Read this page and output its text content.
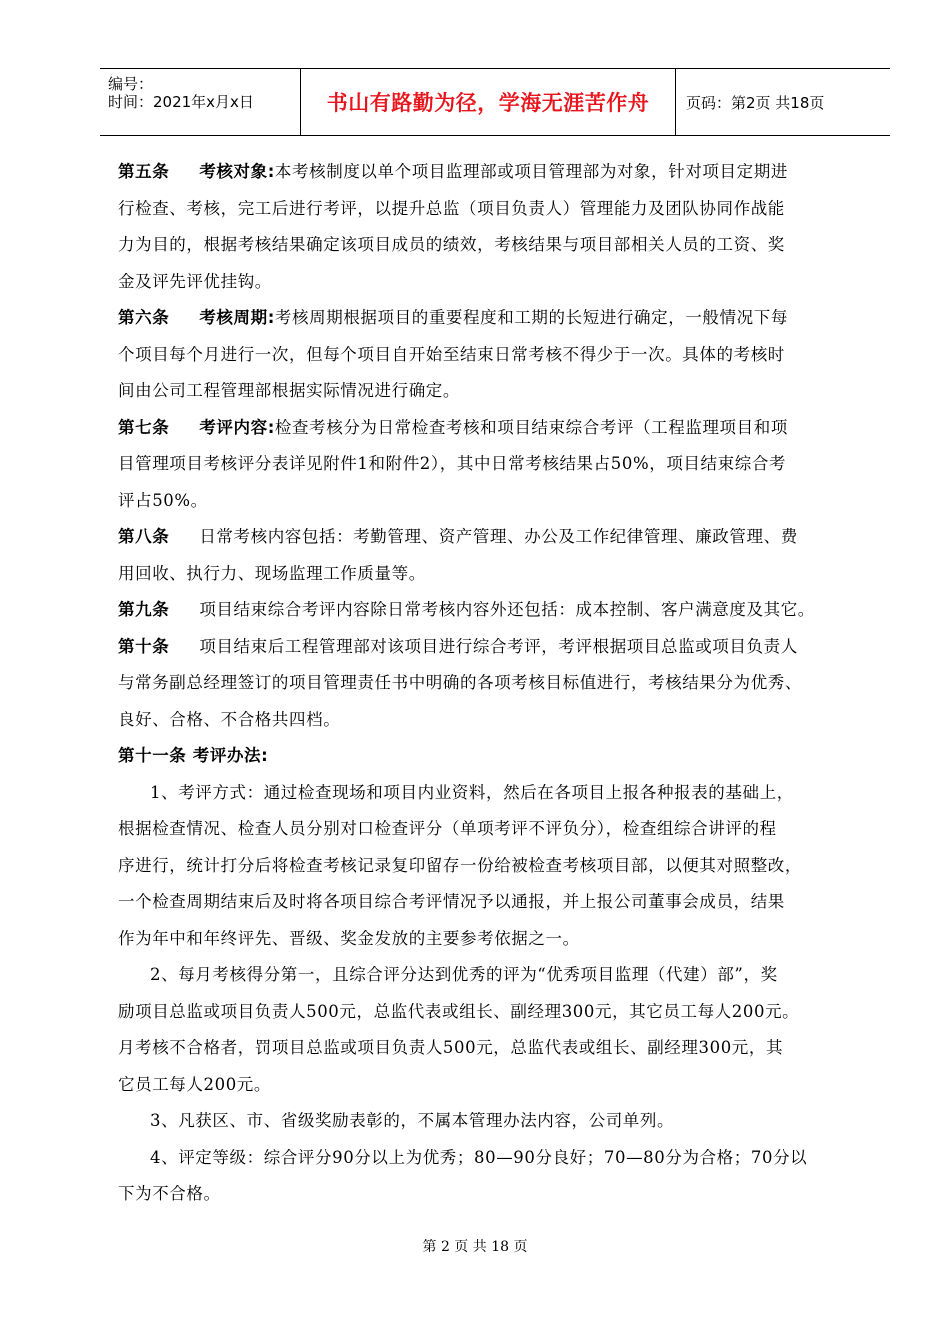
编号：
时间：2021年x月x日	书山有路勤为径，学海无涯苦作舟	页码：第2页 共18页
第五条 考核对象:本考核制度以单个项目监理部或项目管理部为对象，针对项目定期进
行检查、考核，完工后进行考评，以提升总监（项目负责人）管理能力及团队协同作战能
力为目的，根据考核结果确定该项目成员的绩效，考核结果与项目部相关人员的工资、奖
金及评先评优挂钩。
第六条 考核周期:考核周期根据项目的重要程度和工期的长短进行确定，一般情况下每
个项目每个月进行一次，但每个项目自开始至结束日常考核不得少于一次。具体的考核时
间由公司工程管理部根据实际情况进行确定。
第七条 考评内容:检查考核分为日常检查考核和项目结束综合考评（工程监理项目和项
目管理项目考核评分表详见附件1和附件2），其中日常考核结果占50%，项目结束综合考
评占50%。
第八条 日常考核内容包括：考勤管理、资产管理、办公及工作纪律管理、廉政管理、费
用回收、执行力、现场监理工作质量等。
第九条 项目结束综合考评内容除日常考核内容外还包括：成本控制、客户满意度及其它。
第十条 项目结束后工程管理部对该项目进行综合考评，考评根据项目总监或项目负责人
与常务副总经理签订的项目管理责任书中明确的各项考核目标值进行，考核结果分为优秀、
良好、合格、不合格共四档。
第十一条 考评办法:
1、考评方式：通过检查现场和项目内业资料，然后在各项目上报各种报表的基础上，
根据检查情况、检查人员分别对口检查评分（单项考评不评负分），检查组综合讲评的程
序进行，统计打分后将检查考核记录复印留存一份给被检查考核项目部，以便其对照整改，
一个检查周期结束后及时将各项目综合考评情况予以通报，并上报公司董事会成员，结果
作为年中和年终评先、晋级、奖金发放的主要参考依据之一。
2、每月考核得分第一，且综合评分达到优秀的评为“优秀项目监理（代建）部”，奖
励项目总监或项目负责人500元，总监代表或组长、副经理300元，其它员工每人200元。
月考核不合格者，罚项目总监或项目负责人500元，总监代表或组长、副经理300元，其
它员工每人200元。
3、凡获区、市、省级奖励表彰的，不属本管理办法内容，公司单列。
4、评定等级：综合评分90分以上为优秀；80—90分良好；70—80分为合格；70分以
下为不合格。
第 2 页 共 18 页
